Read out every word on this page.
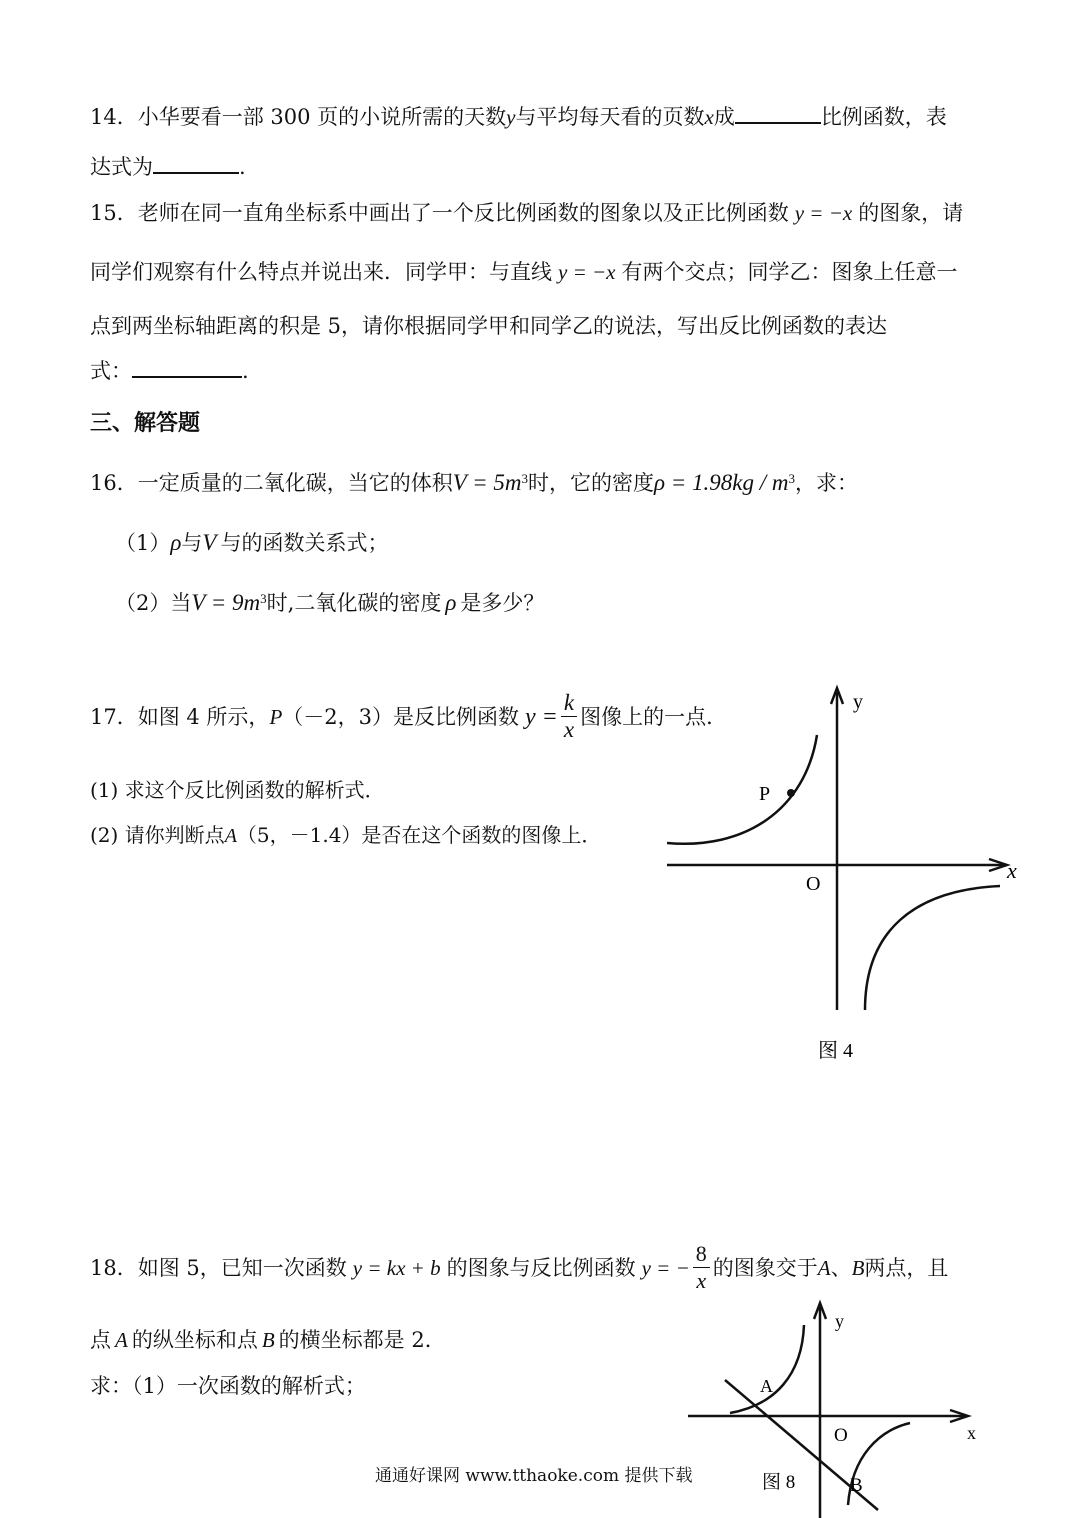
14．小华要看一部 300 页的小说所需的天数y与平均每天看的页数x成	比例函数，表
达式为	.
15．老师在同一直角坐标系中画出了一个反比例函数的图象以及正比例函数 y = −x 的图象，请
同学们观察有什么特点并说出来．同学甲：与直线 y = −x 有两个交点；同学乙：图象上任意一
点到两坐标轴距离的积是 5，请你根据同学甲和同学乙的说法，写出反比例函数的表达
式：	.
三、解答题
16．一定质量的二氧化碳，当它的体积$V = 5m^3$时，它的密度$\rho = 1.98kg / m^3$，求：
（1）ρ与V 与的函数关系式；
（2）当$V = 9m^3$时,二氧化碳的密度 ρ 是多少？
17．如图 4 所示， P （－2，3）是反比例函数 $y = \frac{k}{x}$ 图像上的一点．
(1) 求这个反比例函数的解析式．
(2) 请你判断点A（5，－1.4）是否在这个函数的图像上．
y
x
O
P
图 4
18．如图 5，已知一次函数 y = kx + b 的图象与反比例函数 y = − $\frac{8}{x}$ 的图象交于 A 、 B 两点，且
点 A 的纵坐标和点 B 的横坐标都是 2．
求：（1）一次函数的解析式；
y
x
O
A
B
图 8
通通好课网 www.tthaoke.com 提供下载
